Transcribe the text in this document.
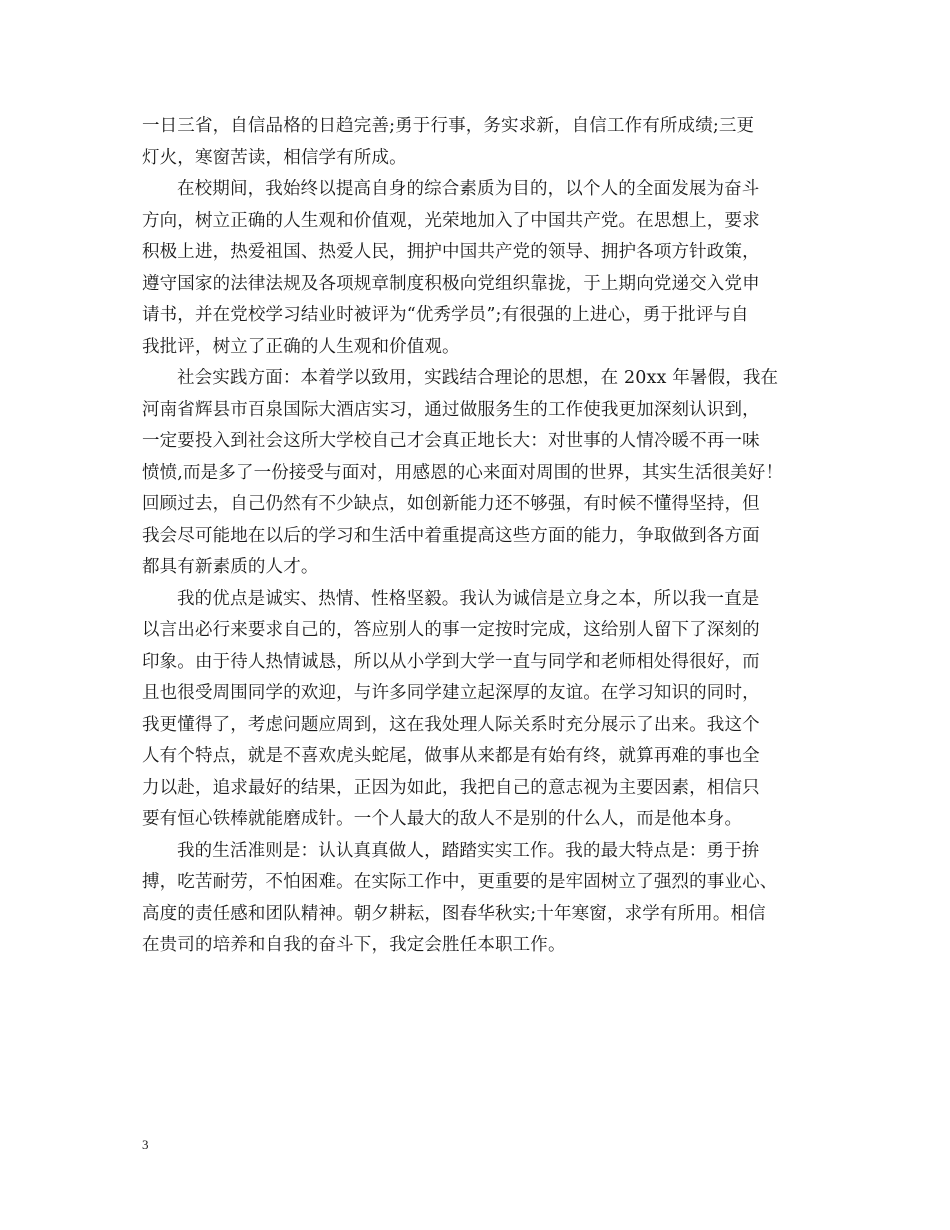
一日三省，自信品格的日趋完善;勇于行事，务实求新，自信工作有所成绩;三更
灯火，寒窗苦读，相信学有所成。
在校期间，我始终以提高自身的综合素质为目的，以个人的全面发展为奋斗
方向，树立正确的人生观和价值观，光荣地加入了中国共产党。在思想上，要求
积极上进，热爱祖国、热爱人民，拥护中国共产党的领导、拥护各项方针政策，
遵守国家的法律法规及各项规章制度积极向党组织靠拢，于上期向党递交入党申
请书，并在党校学习结业时被评为“优秀学员”;有很强的上进心，勇于批评与自
我批评，树立了正确的人生观和价值观。
社会实践方面：本着学以致用，实践结合理论的思想，在 20xx 年暑假，我在
河南省辉县市百泉国际大酒店实习，通过做服务生的工作使我更加深刻认识到，
一定要投入到社会这所大学校自己才会真正地长大：对世事的人情冷暖不再一味
愤愤,而是多了一份接受与面对，用感恩的心来面对周围的世界，其实生活很美好！
回顾过去，自己仍然有不少缺点，如创新能力还不够强，有时候不懂得坚持，但
我会尽可能地在以后的学习和生活中着重提高这些方面的能力，争取做到各方面
都具有新素质的人才。
我的优点是诚实、热情、性格坚毅。我认为诚信是立身之本，所以我一直是
以言出必行来要求自己的，答应别人的事一定按时完成，这给别人留下了深刻的
印象。由于待人热情诚恳，所以从小学到大学一直与同学和老师相处得很好，而
且也很受周围同学的欢迎，与许多同学建立起深厚的友谊。在学习知识的同时，
我更懂得了，考虑问题应周到，这在我处理人际关系时充分展示了出来。我这个
人有个特点，就是不喜欢虎头蛇尾，做事从来都是有始有终，就算再难的事也全
力以赴，追求最好的结果，正因为如此，我把自己的意志视为主要因素，相信只
要有恒心铁棒就能磨成针。一个人最大的敌人不是别的什么人，而是他本身。
我的生活准则是：认认真真做人，踏踏实实工作。我的最大特点是：勇于拚
搏，吃苦耐劳，不怕困难。在实际工作中，更重要的是牢固树立了强烈的事业心、
高度的责任感和团队精神。朝夕耕耘，图春华秋实;十年寒窗，求学有所用。相信
在贵司的培养和自我的奋斗下，我定会胜任本职工作。
3
